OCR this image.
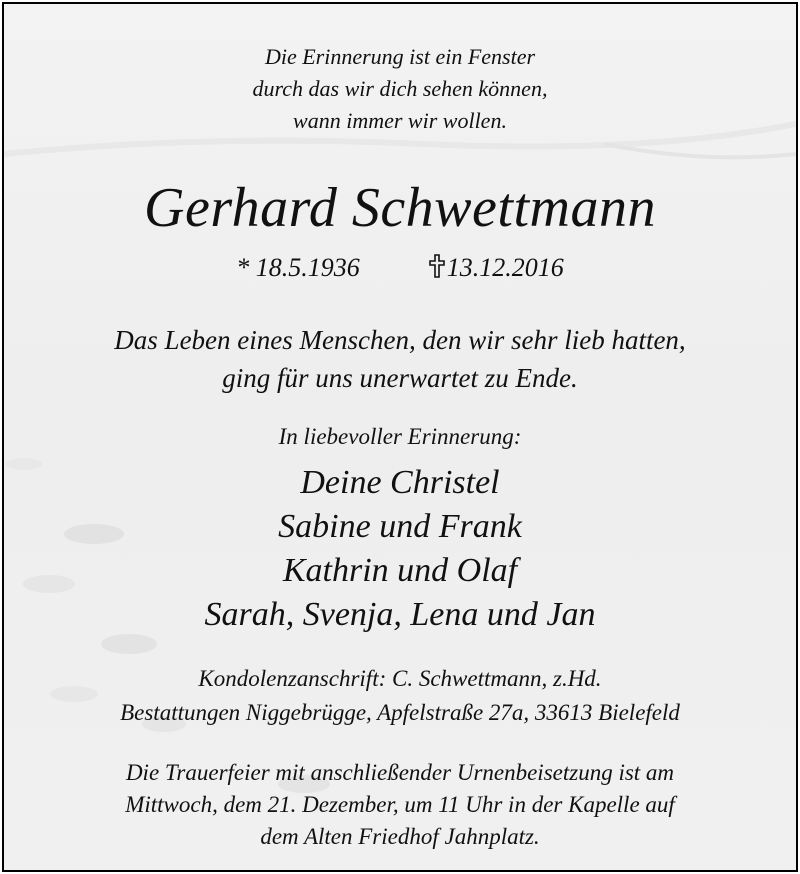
Die Erinnerung ist ein Fenster
durch das wir dich sehen können,
wann immer wir wollen.
Gerhard Schwettmann
* 18.5.1936	13.12.2016
Das Leben eines Menschen, den wir sehr lieb hatten,
ging für uns unerwartet zu Ende.
In liebevoller Erinnerung:
Deine Christel
Sabine und Frank
Kathrin und Olaf
Sarah, Svenja, Lena und Jan
Kondolenzanschrift: C. Schwettmann, z.Hd.
Bestattungen Niggebrügge, Apfelstraße 27a, 33613 Bielefeld
Die Trauerfeier mit anschließender Urnenbeisetzung ist am
Mittwoch, dem 21. Dezember, um 11 Uhr in der Kapelle auf
dem Alten Friedhof Jahnplatz.
